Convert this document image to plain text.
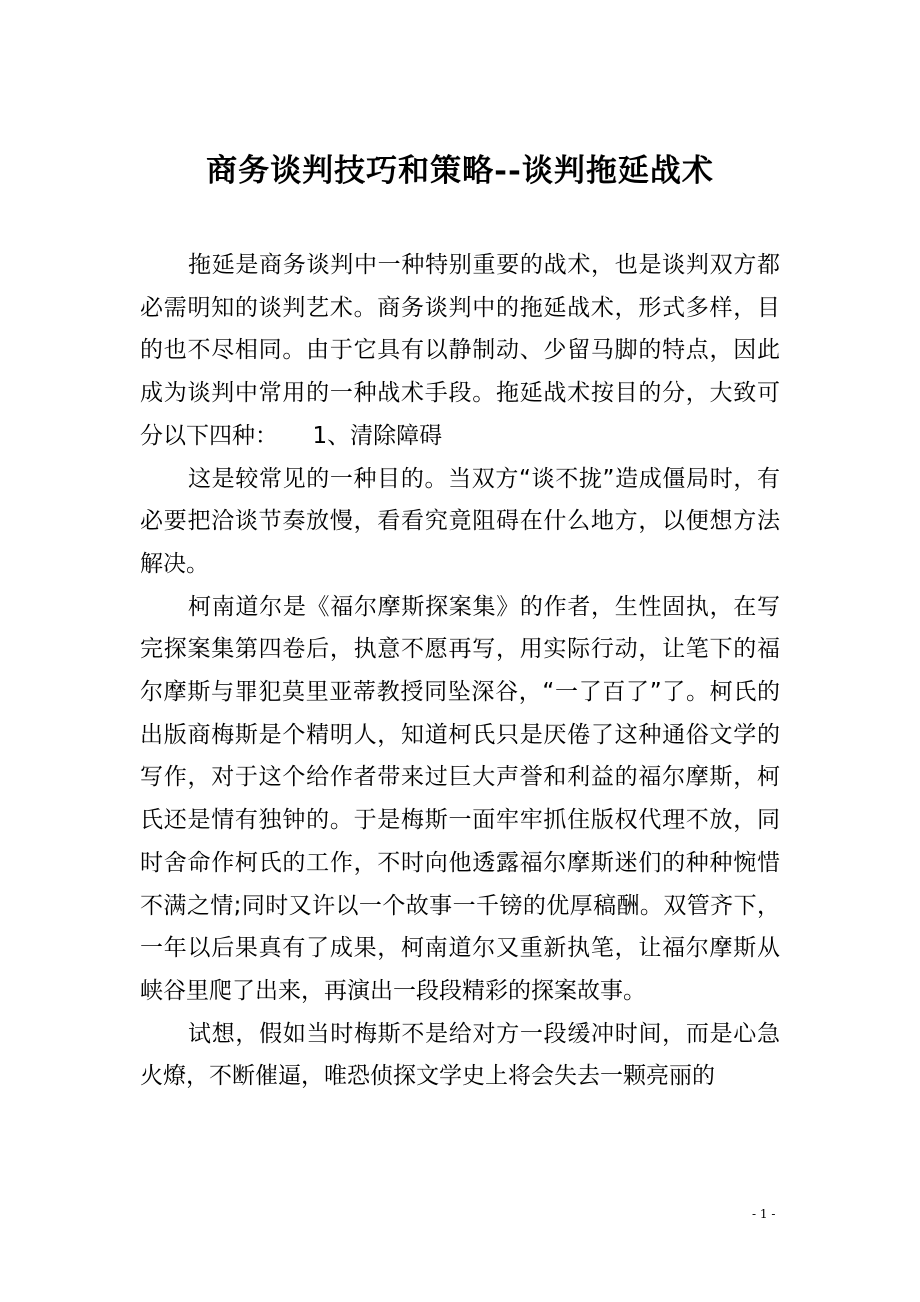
商务谈判技巧和策略--谈判拖延战术

拖延是商务谈判中一种特别重要的战术，也是谈判双方都必需明知的谈判艺术。商务谈判中的拖延战术，形式多样，目的也不尽相同。由于它具有以静制动、少留马脚的特点，因此成为谈判中常用的一种战术手段。拖延战术按目的分，大致可分以下四种：　　1、清除障碍

这是较常见的一种目的。当双方“谈不拢”造成僵局时，有必要把洽谈节奏放慢，看看究竟阻碍在什么地方，以便想方法解决。

柯南道尔是《福尔摩斯探案集》的作者，生性固执，在写完探案集第四卷后，执意不愿再写，用实际行动，让笔下的福尔摩斯与罪犯莫里亚蒂教授同坠深谷，“一了百了”了。柯氏的出版商梅斯是个精明人，知道柯氏只是厌倦了这种通俗文学的写作，对于这个给作者带来过巨大声誉和利益的福尔摩斯，柯氏还是情有独钟的。于是梅斯一面牢牢抓住版权代理不放，同时舍命作柯氏的工作，不时向他透露福尔摩斯迷们的种种惋惜不满之情;同时又许以一个故事一千镑的优厚稿酬。双管齐下，一年以后果真有了成果，柯南道尔又重新执笔，让福尔摩斯从峡谷里爬了出来，再演出一段段精彩的探案故事。

试想，假如当时梅斯不是给对方一段缓冲时间，而是心急火燎，不断催逼，唯恐侦探文学史上将会失去一颗亮丽的

- 1 -
